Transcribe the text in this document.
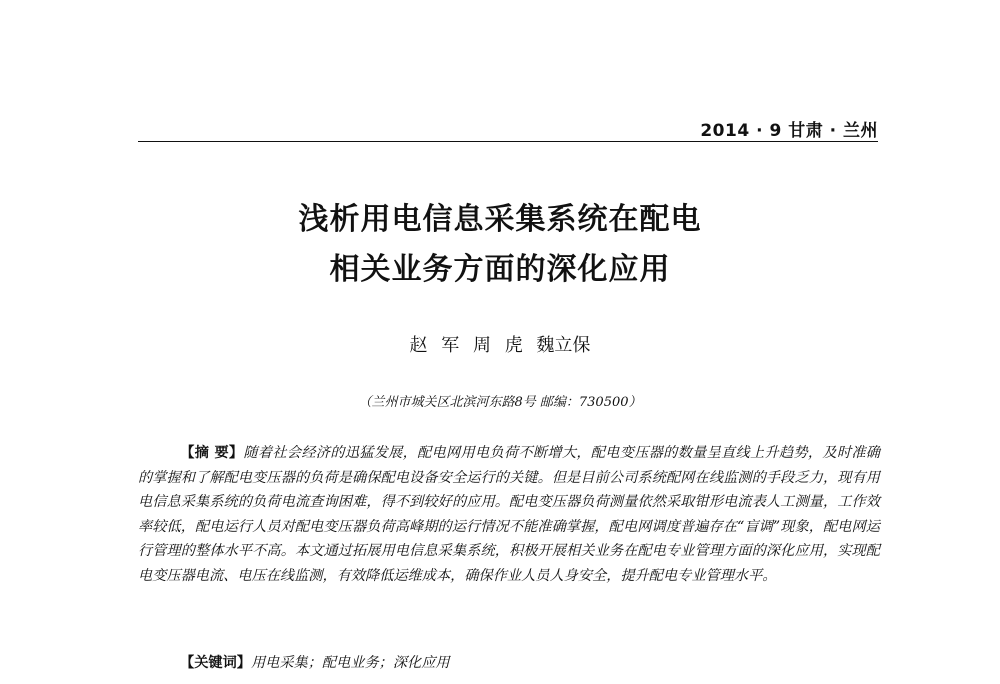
2014 · 9 甘肃 · 兰州
浅析用电信息采集系统在配电
相关业务方面的深化应用
赵 军 周 虎 魏立保
（兰州市城关区北滨河东路8号 邮编：730500）
【摘 要】随着社会经济的迅猛发展，配电网用电负荷不断增大，配电变压器的数量呈直线上升趋势，及时准确的掌握和了解配电变压器的负荷是确保配电设备安全运行的关键。但是目前公司系统配网在线监测的手段乏力，现有用电信息采集系统的负荷电流查询困难，得不到较好的应用。配电变压器负荷测量依然采取钳形电流表人工测量，工作效率较低，配电运行人员对配电变压器负荷高峰期的运行情况不能准确掌握，配电网调度普遍存在“盲调”现象，配电网运行管理的整体水平不高。本文通过拓展用电信息采集系统，积极开展相关业务在配电专业管理方面的深化应用，实现配电变压器电流、电压在线监测，有效降低运维成本，确保作业人员人身安全，提升配电专业管理水平。
【关键词】用电采集；配电业务；深化应用
